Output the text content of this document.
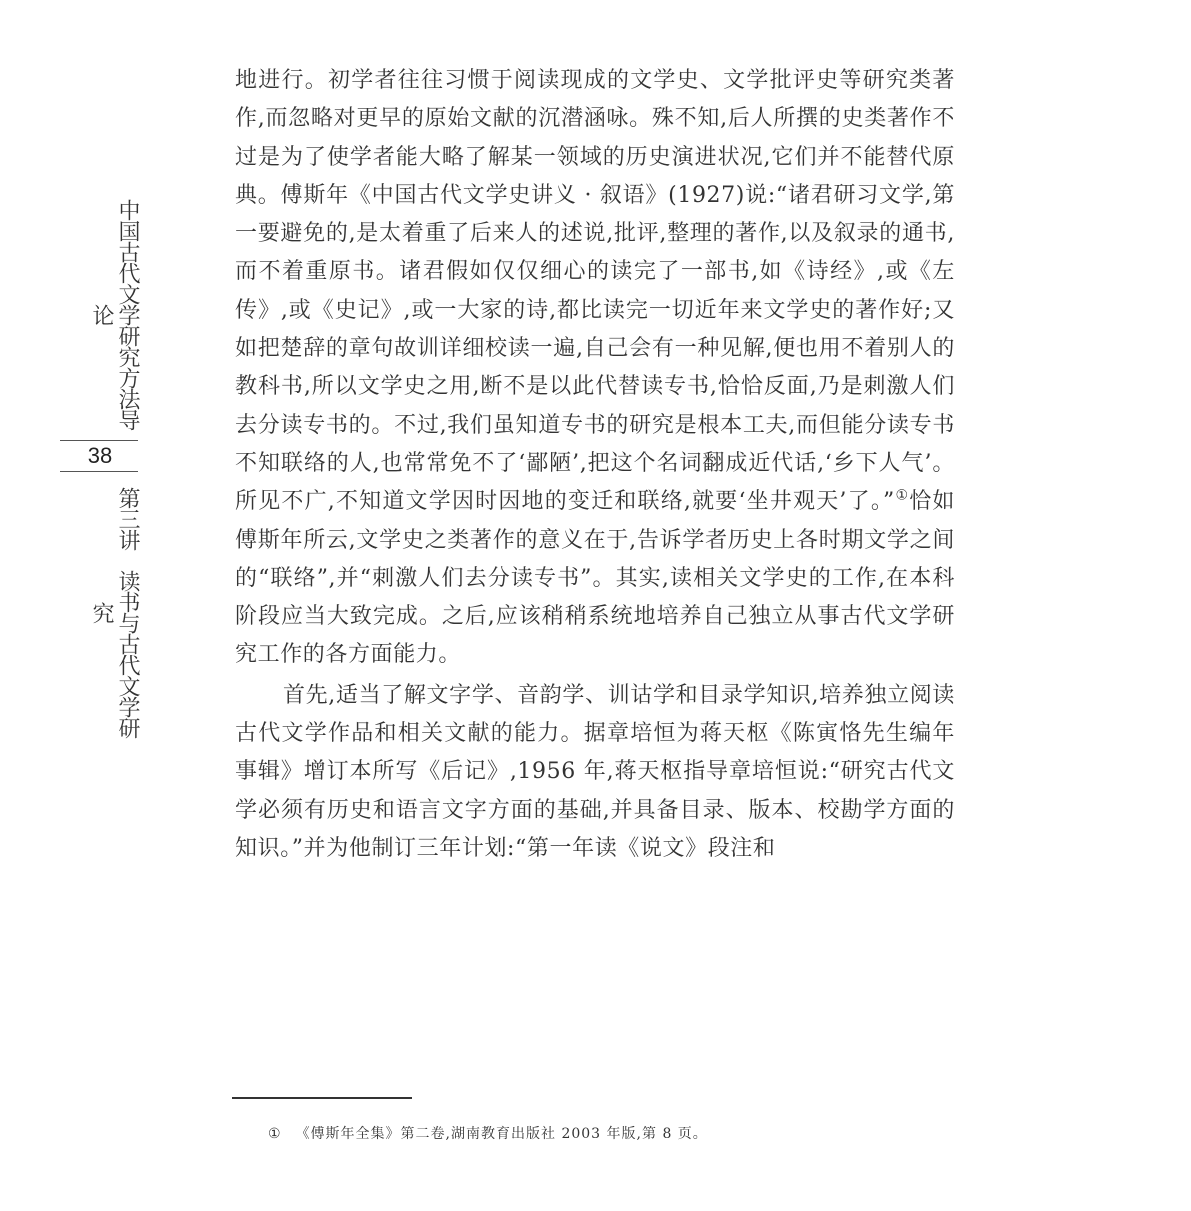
中国古代文学研究方法导论
38
第三讲读书与古代文学研究

地进行。初学者往往习惯于阅读现成的文学史、文学批评史等研究类著作,而忽略对更早的原始文献的沉潜涵咏。殊不知,后人所撰的史类著作不过是为了使学者能大略了解某一领域的历史演进状况,它们并不能替代原典。傅斯年《中国古代文学史讲义 · 叙语》(1927)说:“诸君研习文学,第一要避免的,是太着重了后来人的述说,批评,整理的著作,以及叙录的通书,而不着重原书。诸君假如仅仅细心的读完了一部书,如《诗经》,或《左传》,或《史记》,或一大家的诗,都比读完一切近年来文学史的著作好;又如把楚辞的章句故训详细校读一遍,自己会有一种见解,便也用不着别人的教科书,所以文学史之用,断不是以此代替读专书,恰恰反面,乃是刺激人们去分读专书的。不过,我们虽知道专书的研究是根本工夫,而但能分读专书不知联络的人,也常常免不了‘鄙陋’,把这个名词翻成近代话,‘乡下人气’。所见不广,不知道文学因时因地的变迁和联络,就要‘坐井观天’了。”①恰如傅斯年所云,文学史之类著作的意义在于,告诉学者历史上各时期文学之间的“联络”,并“刺激人们去分读专书”。其实,读相关文学史的工作,在本科阶段应当大致完成。之后,应该稍稍系统地培养自己独立从事古代文学研究工作的各方面能力。

首先,适当了解文字学、音韵学、训诂学和目录学知识,培养独立阅读古代文学作品和相关文献的能力。据章培恒为蒋天枢《陈寅恪先生编年事辑》增订本所写《后记》,1956 年,蒋天枢指导章培恒说:“研究古代文学必须有历史和语言文字方面的基础,并具备目录、版本、校勘学方面的知识。”并为他制订三年计划:“第一年读《说文》段注和

① 《傅斯年全集》第二卷,湖南教育出版社 2003 年版,第 8 页。
